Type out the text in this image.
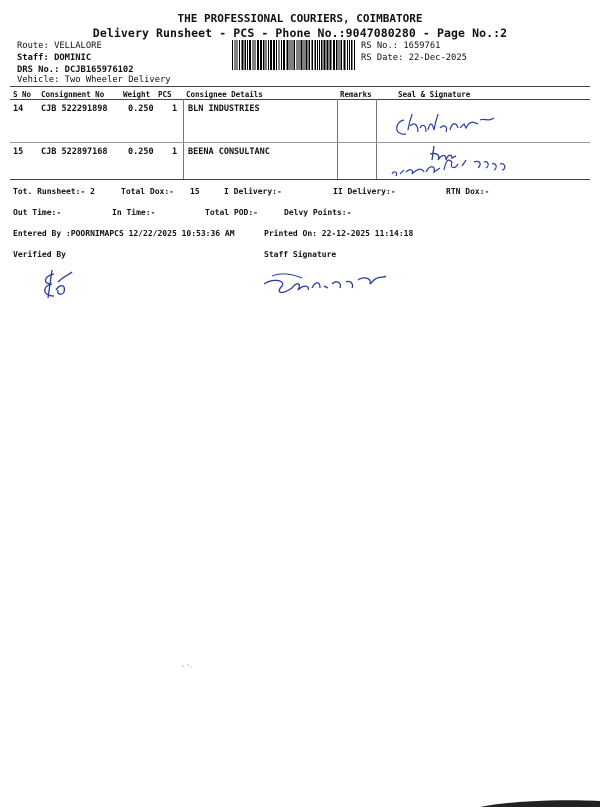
THE PROFESSIONAL COURIERS, COIMBATORE
Delivery Runsheet - PCS - Phone No.:9047080280 - Page No.:2
Route: VELLALORE
Staff: DOMINIC
DRS No.: DCJB165976102
Vehicle: Two Wheeler Delivery
RS No.: 1659761
RS Date: 22-Dec-2025
S No Consignment No	Weight PCS Consignee Details	Remarks	Seal & Signature
14 CJB 522291898 0.250 1 BLN INDUSTRIES
15 CJB 522897168 0.250 1 BEENA CONSULTANC
Tot. Runsheet:- 2	Total Dox:- 15	I Delivery:-	II Delivery:-	RTN Dox:-
Out Time:-	In Time:-	Total POD:-	Delvy Points:-
Entered By :POORNIMAPCS 12/22/2025 10:53:36 AM	Printed On: 22-12-2025 11:14:18
Verified By	Staff Signature
